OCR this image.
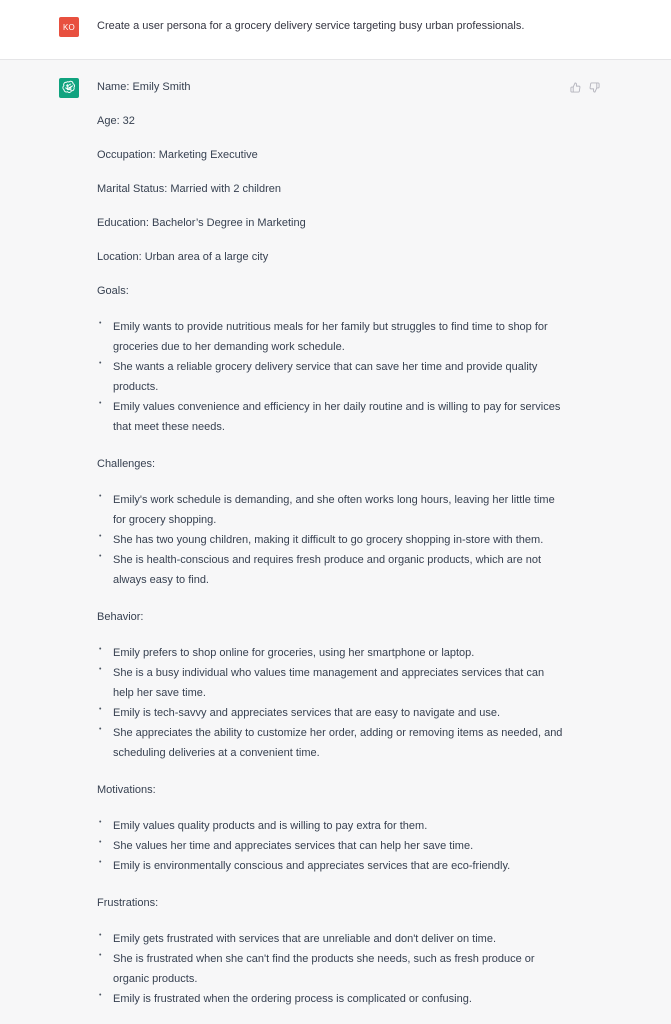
KO Create a user persona for a grocery delivery service targeting busy urban professionals.

Name: Emily Smith

Age: 32

Occupation: Marketing Executive

Marital Status: Married with 2 children

Education: Bachelor’s Degree in Marketing

Location: Urban area of a large city

Goals:

• Emily wants to provide nutritious meals for her family but struggles to find time to shop for groceries due to her demanding work schedule.
• She wants a reliable grocery delivery service that can save her time and provide quality products.
• Emily values convenience and efficiency in her daily routine and is willing to pay for services that meet these needs.

Challenges:

• Emily's work schedule is demanding, and she often works long hours, leaving her little time for grocery shopping.
• She has two young children, making it difficult to go grocery shopping in-store with them.
• She is health-conscious and requires fresh produce and organic products, which are not always easy to find.

Behavior:

• Emily prefers to shop online for groceries, using her smartphone or laptop.
• She is a busy individual who values time management and appreciates services that can help her save time.
• Emily is tech-savvy and appreciates services that are easy to navigate and use.
• She appreciates the ability to customize her order, adding or removing items as needed, and scheduling deliveries at a convenient time.

Motivations:

• Emily values quality products and is willing to pay extra for them.
• She values her time and appreciates services that can help her save time.
• Emily is environmentally conscious and appreciates services that are eco-friendly.

Frustrations:

• Emily gets frustrated with services that are unreliable and don't deliver on time.
• She is frustrated when she can't find the products she needs, such as fresh produce or organic products.
• Emily is frustrated when the ordering process is complicated or confusing.
